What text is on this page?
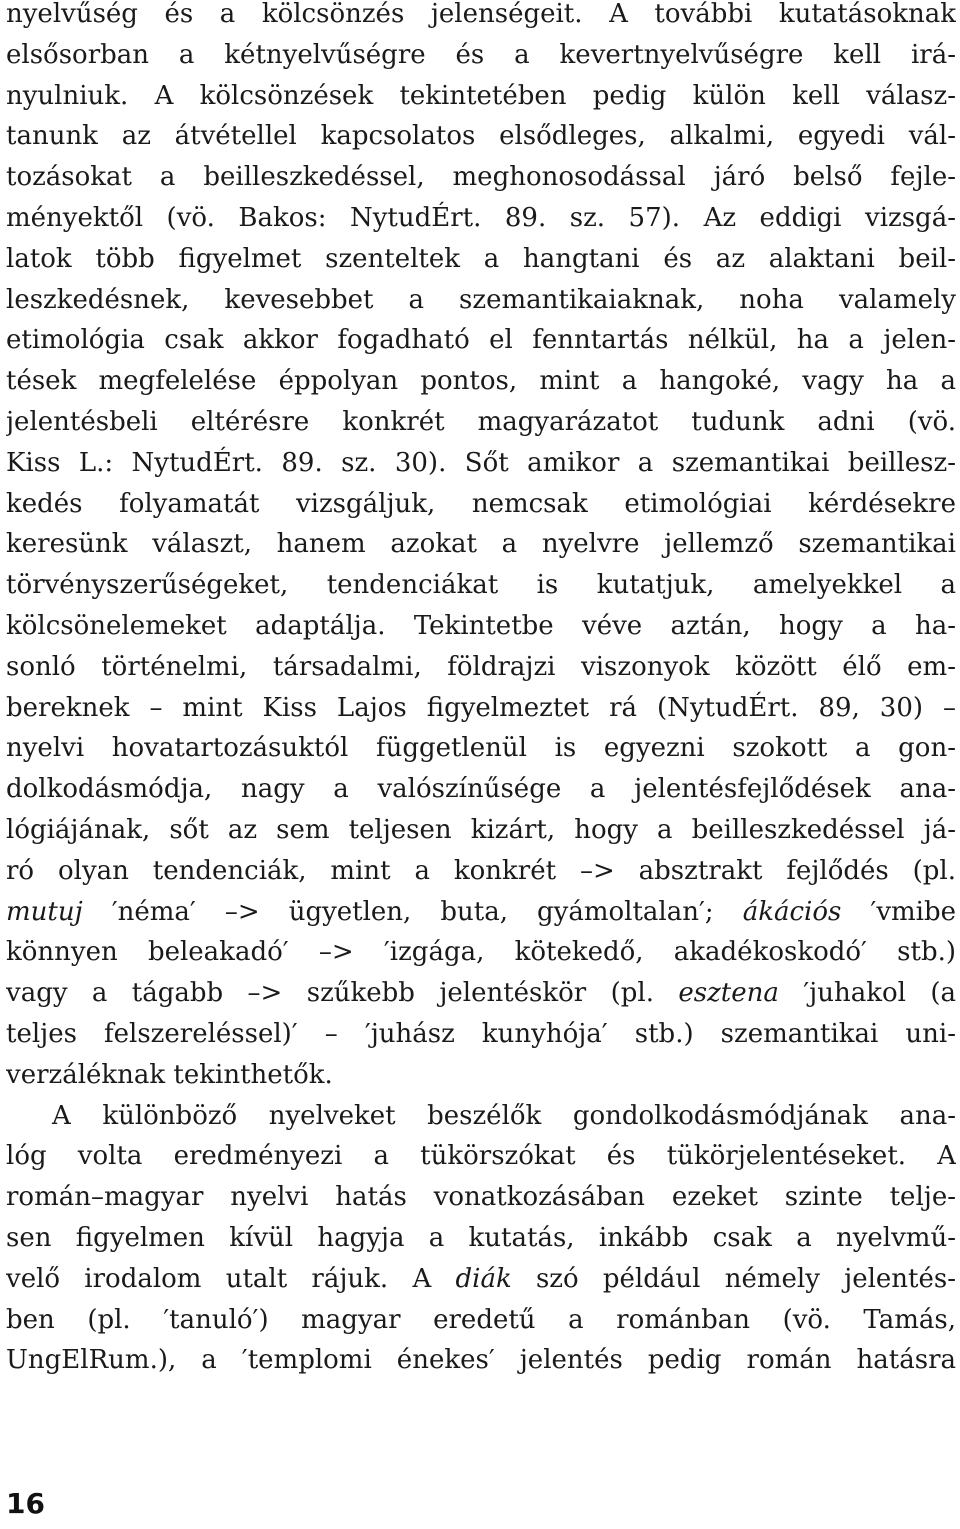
nyelvűség és a kölcsönzés jelenségeit. A további kutatásoknak
elsősorban a kétnyelvűségre és a kevertnyelvűségre kell irá-
nyulniuk. A kölcsönzések tekintetében pedig külön kell válasz-
tanunk az átvétellel kapcsolatos elsődleges, alkalmi, egyedi vál-
tozásokat a beilleszkedéssel, meghonosodással járó belső fejle-
ményektől (vö. Bakos: NytudÉrt. 89. sz. 57). Az eddigi vizsgá-
latok több figyelmet szenteltek a hangtani és az alaktani beil-
leszkedésnek, kevesebbet a szemantikaiaknak, noha valamely
etimológia csak akkor fogadható el fenntartás nélkül, ha a jelen-
tések megfelelése éppolyan pontos, mint a hangoké, vagy ha a
jelentésbeli eltérésre konkrét magyarázatot tudunk adni (vö.
Kiss L.: NytudÉrt. 89. sz. 30). Sőt amikor a szemantikai beillesz-
kedés folyamatát vizsgáljuk, nemcsak etimológiai kérdésekre
keresünk választ, hanem azokat a nyelvre jellemző szemantikai
törvényszerűségeket, tendenciákat is kutatjuk, amelyekkel a
kölcsönelemeket adaptálja. Tekintetbe véve aztán, hogy a ha-
sonló történelmi, társadalmi, földrajzi viszonyok között élő em-
bereknek – mint Kiss Lajos figyelmeztet rá (NytudÉrt. 89, 30) –
nyelvi hovatartozásuktól függetlenül is egyezni szokott a gon-
dolkodásmódja, nagy a valószínűsége a jelentésfejlődések ana-
lógiájának, sőt az sem teljesen kizárt, hogy a beilleszkedéssel já-
ró olyan tendenciák, mint a konkrét –> absztrakt fejlődés (pl.
mutuj ′néma′ –> ügyetlen, buta, gyámoltalan′; ákációs ′vmibe
könnyen beleakadó′ –> ′izgága, kötekedő, akadékoskodó′ stb.)
vagy a tágabb –> szűkebb jelentéskör (pl. esztena ′juhakol (a
teljes felszereléssel)′ – ′juhász kunyhója′ stb.) szemantikai uni-
verzáléknak tekinthetők.
A különböző nyelveket beszélők gondolkodásmódjának ana-
lóg volta eredményezi a tükörszókat és tükörjelentéseket. A
román–magyar nyelvi hatás vonatkozásában ezeket szinte telje-
sen figyelmen kívül hagyja a kutatás, inkább csak a nyelvmű-
velő irodalom utalt rájuk. A diák szó például némely jelentés-
ben (pl. ′tanuló′) magyar eredetű a románban (vö. Tamás,
UngElRum.), a ′templomi énekes′ jelentés pedig román hatásra
16
